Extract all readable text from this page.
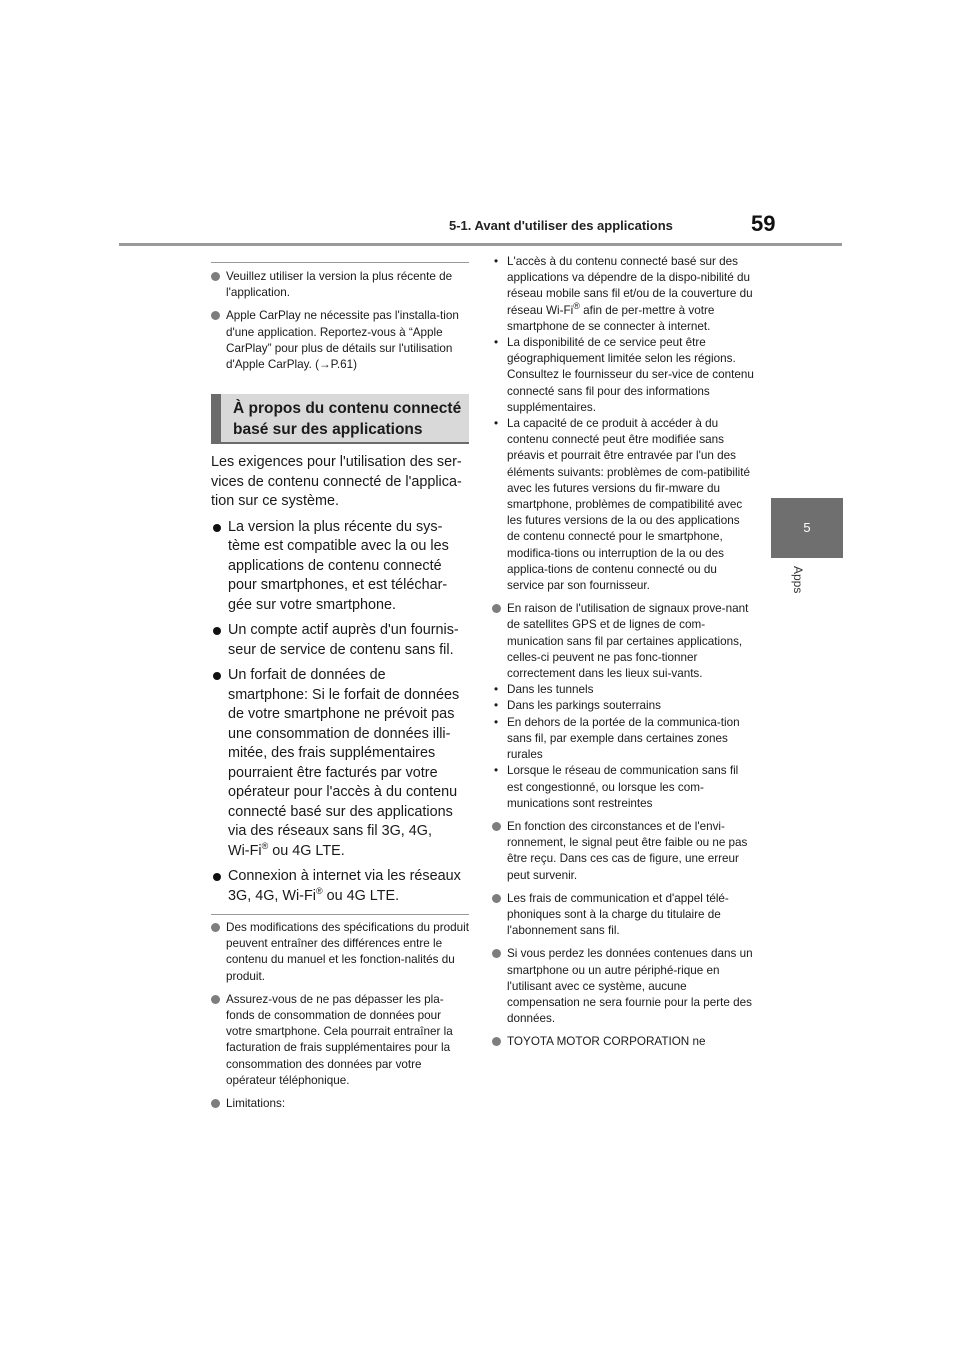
5-1. Avant d'utiliser des applications	59
5
Apps
Veuillez utiliser la version la plus récente de l'application.
Apple CarPlay ne nécessite pas l'installa-tion d'une application. Reportez-vous à “Apple CarPlay” pour plus de détails sur l'utilisation d'Apple CarPlay. (→P.61)
À propos du contenu connecté
basé sur des applications
Les exigences pour l'utilisation des ser-vices de contenu connecté de l'applica-tion sur ce système.
La version la plus récente du sys-tème est compatible avec la ou les applications de contenu connecté pour smartphones, et est téléchar-gée sur votre smartphone.
Un compte actif auprès d'un fournis-seur de service de contenu sans fil.
Un forfait de données de smartphone: Si le forfait de données de votre smartphone ne prévoit pas une consommation de données illi-mitée, des frais supplémentaires pourraient être facturés par votre opérateur pour l'accès à du contenu connecté basé sur des applications via des réseaux sans fil 3G, 4G,
Wi-Fi® ou 4G LTE.
Connexion à internet via les réseaux
3G, 4G, Wi-Fi® ou 4G LTE.
Des modifications des spécifications du produit peuvent entraîner des différences entre le contenu du manuel et les fonction-nalités du produit.
Assurez-vous de ne pas dépasser les pla-fonds de consommation de données pour votre smartphone. Cela pourrait entraîner la facturation de frais supplémentaires pour la consommation des données par votre opérateur téléphonique.
Limitations:
• L'accès à du contenu connecté basé sur des applications va dépendre de la dispo-nibilité du réseau mobile sans fil et/ou de la couverture du réseau Wi-Fi® afin de per-mettre à votre smartphone de se connecter à internet.
• La disponibilité de ce service peut être géographiquement limitée selon les régions. Consultez le fournisseur du ser-vice de contenu connecté sans fil pour des informations supplémentaires.
• La capacité de ce produit à accéder à du contenu connecté peut être modifiée sans préavis et pourrait être entravée par l'un des éléments suivants: problèmes de com-patibilité avec les futures versions du fir-mware du smartphone, problèmes de compatibilité avec les futures versions de la ou des applications de contenu connecté pour le smartphone, modifica-tions ou interruption de la ou des applica-tions de contenu connecté ou du service par son fournisseur.
En raison de l'utilisation de signaux prove-nant de satellites GPS et de lignes de com-munication sans fil par certaines applications, celles-ci peuvent ne pas fonc-tionner correctement dans les lieux sui-vants.
• Dans les tunnels
• Dans les parkings souterrains
• En dehors de la portée de la communica-tion sans fil, par exemple dans certaines zones rurales
• Lorsque le réseau de communication sans fil est congestionné, ou lorsque les com-munications sont restreintes
En fonction des circonstances et de l'envi-ronnement, le signal peut être faible ou ne pas être reçu. Dans ces cas de figure, une erreur peut survenir.
Les frais de communication et d'appel télé-phoniques sont à la charge du titulaire de l'abonnement sans fil.
Si vous perdez les données contenues dans un smartphone ou un autre périphé-rique en l'utilisant avec ce système, aucune compensation ne sera fournie pour la perte des données.
TOYOTA MOTOR CORPORATION ne
